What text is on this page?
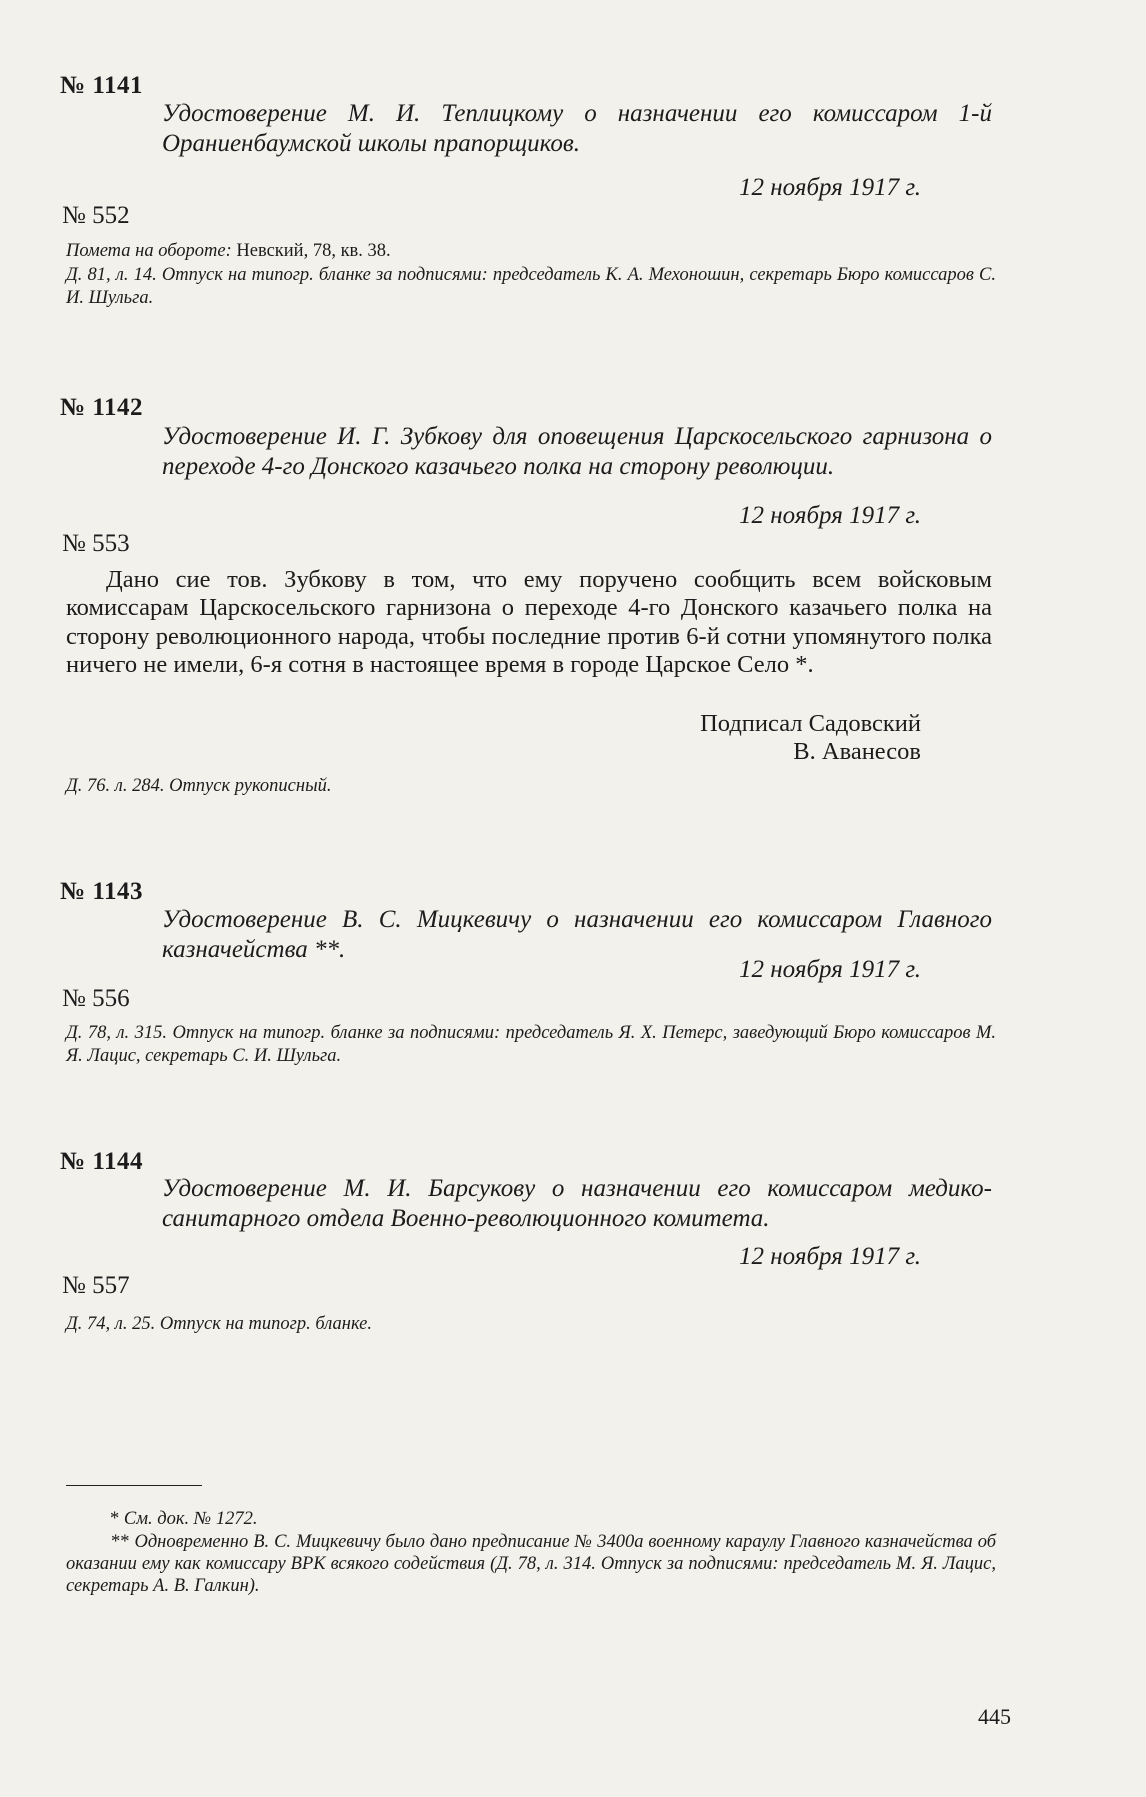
№ 1141
Удостоверение М. И. Теплицкому о назначении его комиссаром 1-й Ораниенбаумской школы прапорщиков.
12 ноября 1917 г.
№ 552
Помета на обороте: Невский, 78, кв. 38.
Д. 81, л. 14. Отпуск на типогр. бланке за подписями: председатель К. А. Мехоношин, секретарь Бюро комиссаров С. И. Шульга.
№ 1142
Удостоверение И. Г. Зубкову для оповещения Царскосельского гарнизона о переходе 4-го Донского казачьего полка на сторону революции.
12 ноября 1917 г.
№ 553

Дано сие тов. Зубкову в том, что ему поручено сообщить всем войсковым комиссарам Царскосельского гарнизона о переходе 4-го Донского казачьего полка на сторону революционного народа, чтобы последние против 6-й сотни упомянутого полка ничего не имели, 6-я сотня в настоящее время в городе Царское Село *.

Подписал Садовский
В. Аванесов
Д. 76. л. 284. Отпуск рукописный.
№ 1143
Удостоверение В. С. Мицкевичу о назначении его комиссаром Главного казначейства **.
12 ноября 1917 г.
№ 556
Д. 78, л. 315. Отпуск на типогр. бланке за подписями: председатель Я. Х. Петерс, заведующий Бюро комиссаров М. Я. Лацис, секретарь С. И. Шульга.
№ 1144
Удостоверение М. И. Барсукову о назначении его комиссаром медико-санитарного отдела Военно-революционного комитета.
12 ноября 1917 г.
№ 557
Д. 74, л. 25. Отпуск на типогр. бланке.
* См. док. № 1272.
** Одновременно В. С. Мицкевичу было дано предписание № 3400а военному караулу Главного казначейства об оказании ему как комиссару ВРК всякого содействия (Д. 78, л. 314. Отпуск за подписями: председатель М. Я. Лацис, секретарь А. В. Галкин).
445
